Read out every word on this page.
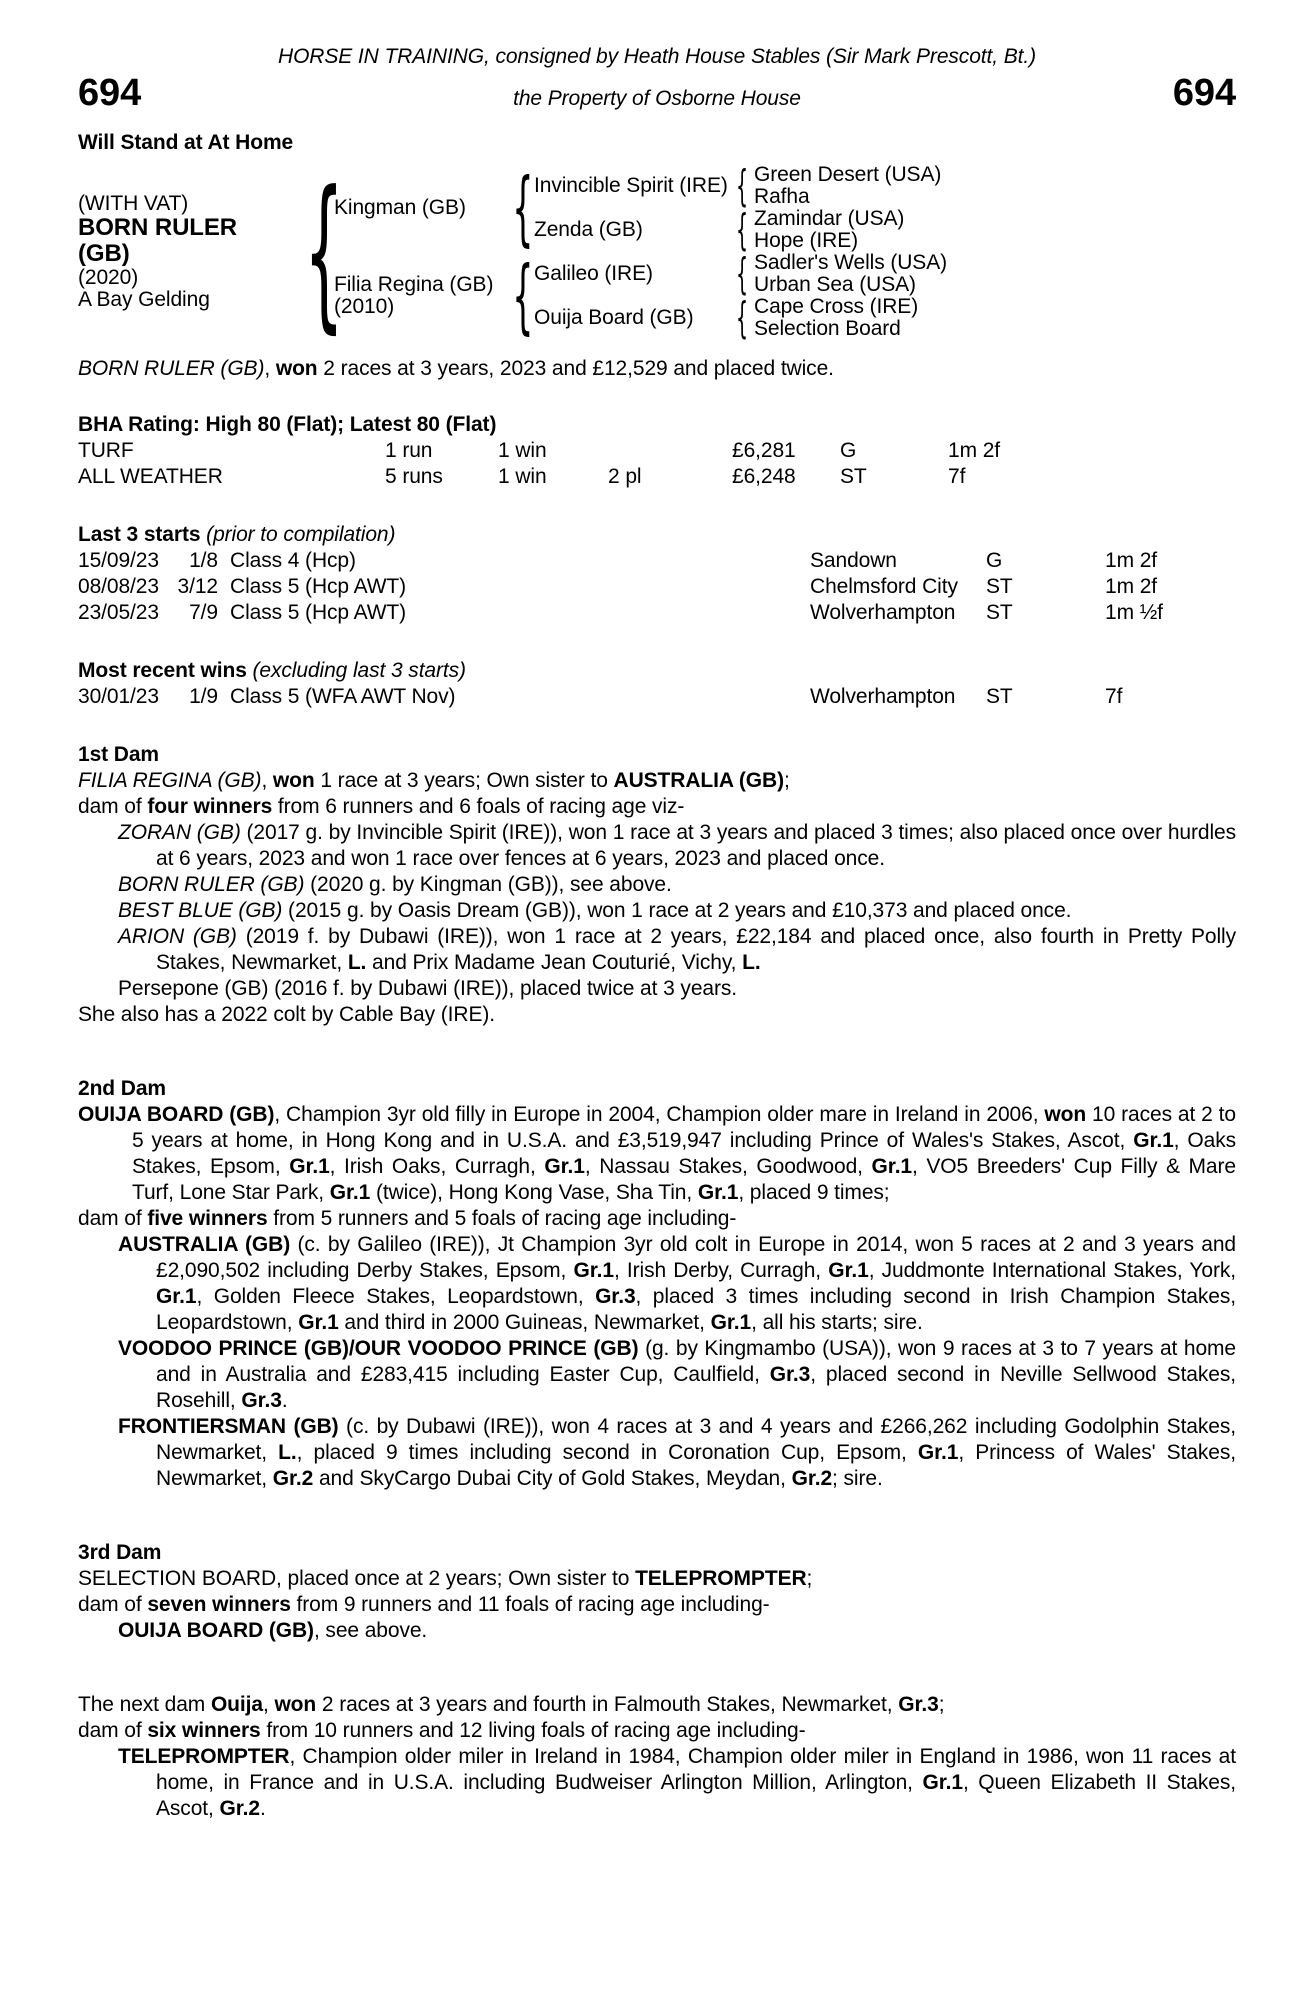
HORSE IN TRAINING, consigned by Heath House Stables (Sir Mark Prescott, Bt.)
694	the Property of Osborne House	694
Will Stand at At Home
(WITH VAT)
BORN RULER (GB)
(2020)
A Bay Gelding {
Kingman (GB) { Invincible Spirit (IRE) { Green Desert (USA)
Rafha
Zenda (GB)	{ Zamindar (USA)
Hope (IRE)
Filia Regina (GB)
(2010)	{ Galileo (IRE)	{ Sadler's Wells (USA)
Urban Sea (USA)
Ouija Board (GB)	{ Cape Cross (IRE)
Selection Board
BORN RULER (GB), won 2 races at 3 years, 2023 and £12,529 and placed twice.
BHA Rating: High 80 (Flat); Latest 80 (Flat)
TURF	1 run	1 win	£6,281	G	1m 2f
ALL WEATHER	5 runs	1 win	2 pl	£6,248	ST	7f
Last 3 starts (prior to compilation)
15/09/23	1/8 Class 4 (Hcp)	Sandown	G	1m 2f
08/08/23 3/12 Class 5 (Hcp AWT)	Chelmsford City	ST	1m 2f
23/05/23	7/9 Class 5 (Hcp AWT)	Wolverhampton	ST	1m ½f
Most recent wins (excluding last 3 starts)
30/01/23	1/9 Class 5 (WFA AWT Nov)	Wolverhampton	ST	7f
1st Dam
FILIA REGINA (GB), won 1 race at 3 years; Own sister to AUSTRALIA (GB);
dam of four winners from 6 runners and 6 foals of racing age viz-
ZORAN (GB) (2017 g. by Invincible Spirit (IRE)), won 1 race at 3 years and placed 3 times; also placed once over hurdles at 6 years, 2023 and won 1 race over fences at 6 years, 2023 and placed once.
BORN RULER (GB) (2020 g. by Kingman (GB)), see above.
BEST BLUE (GB) (2015 g. by Oasis Dream (GB)), won 1 race at 2 years and £10,373 and placed once.
ARION (GB) (2019 f. by Dubawi (IRE)), won 1 race at 2 years, £22,184 and placed once, also fourth in Pretty Polly Stakes, Newmarket, L. and Prix Madame Jean Couturié, Vichy, L.
Persepone (GB) (2016 f. by Dubawi (IRE)), placed twice at 3 years.
She also has a 2022 colt by Cable Bay (IRE).
2nd Dam
OUIJA BOARD (GB), Champion 3yr old filly in Europe in 2004, Champion older mare in Ireland in 2006, won 10 races at 2 to 5 years at home, in Hong Kong and in U.S.A. and £3,519,947 including Prince of Wales's Stakes, Ascot, Gr.1, Oaks Stakes, Epsom, Gr.1, Irish Oaks, Curragh, Gr.1, Nassau Stakes, Goodwood, Gr.1, VO5 Breeders' Cup Filly & Mare Turf, Lone Star Park, Gr.1 (twice), Hong Kong Vase, Sha Tin, Gr.1, placed 9 times;
dam of five winners from 5 runners and 5 foals of racing age including-
AUSTRALIA (GB) (c. by Galileo (IRE)), Jt Champion 3yr old colt in Europe in 2014, won 5 races at 2 and 3 years and £2,090,502 including Derby Stakes, Epsom, Gr.1, Irish Derby, Curragh, Gr.1, Juddmonte International Stakes, York, Gr.1, Golden Fleece Stakes, Leopardstown, Gr.3, placed 3 times including second in Irish Champion Stakes, Leopardstown, Gr.1 and third in 2000 Guineas, Newmarket, Gr.1, all his starts; sire.
VOODOO PRINCE (GB)/OUR VOODOO PRINCE (GB) (g. by Kingmambo (USA)), won 9 races at 3 to 7 years at home and in Australia and £283,415 including Easter Cup, Caulfield, Gr.3, placed second in Neville Sellwood Stakes, Rosehill, Gr.3.
FRONTIERSMAN (GB) (c. by Dubawi (IRE)), won 4 races at 3 and 4 years and £266,262 including Godolphin Stakes, Newmarket, L., placed 9 times including second in Coronation Cup, Epsom, Gr.1, Princess of Wales' Stakes, Newmarket, Gr.2 and SkyCargo Dubai City of Gold Stakes, Meydan, Gr.2; sire.
3rd Dam
SELECTION BOARD, placed once at 2 years; Own sister to TELEPROMPTER;
dam of seven winners from 9 runners and 11 foals of racing age including-
OUIJA BOARD (GB), see above.
The next dam Ouija, won 2 races at 3 years and fourth in Falmouth Stakes, Newmarket, Gr.3;
dam of six winners from 10 runners and 12 living foals of racing age including-
TELEPROMPTER, Champion older miler in Ireland in 1984, Champion older miler in England in 1986, won 11 races at home, in France and in U.S.A. including Budweiser Arlington Million, Arlington, Gr.1, Queen Elizabeth II Stakes, Ascot, Gr.2.
